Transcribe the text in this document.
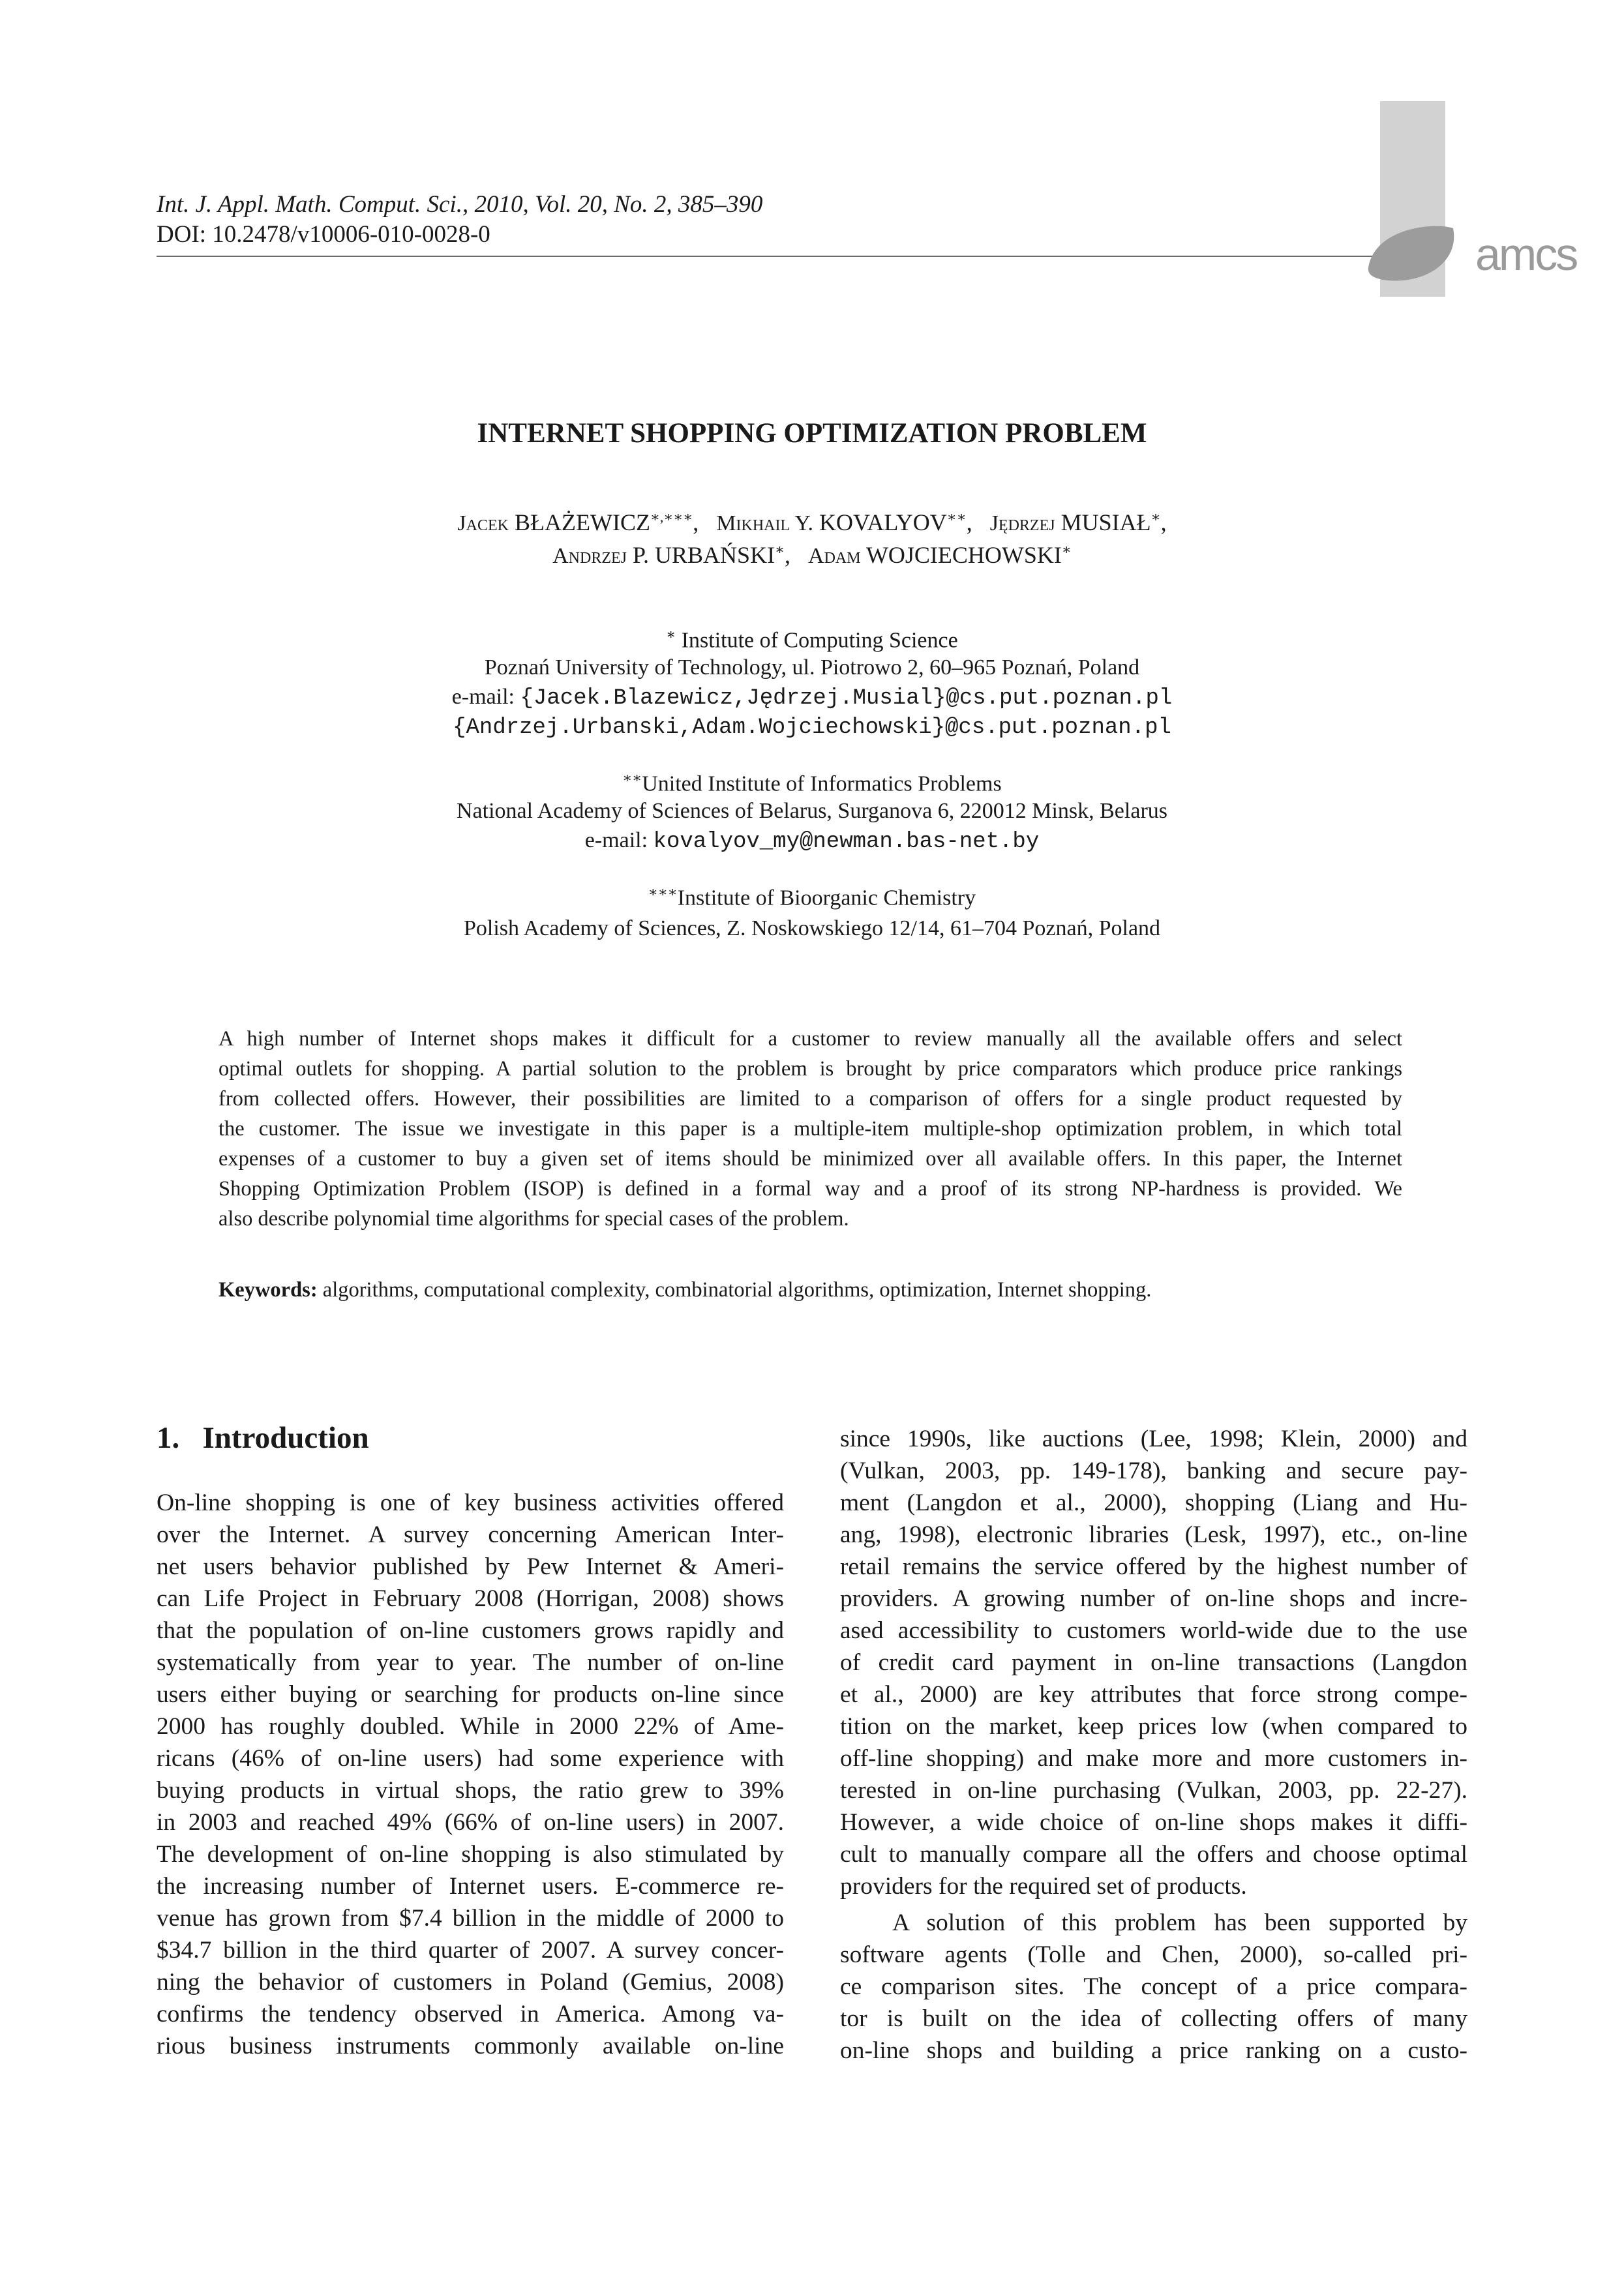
Int. J. Appl. Math. Comput. Sci., 2010, Vol. 20, No. 2, 385–390
DOI: 10.2478/v10006-010-0028-0	amcs
INTERNET SHOPPING OPTIMIZATION PROBLEM
Jacek BŁAŻEWICZ∗,∗∗∗,   Mikhail Y. KOVALYOV∗∗,   Jędrzej MUSIAŁ∗,
Andrzej P. URBAŃSKI∗,   Adam WOJCIECHOWSKI∗
∗ Institute of Computing Science
Poznań University of Technology, ul. Piotrowo 2, 60–965 Poznań, Poland
e-mail: {Jacek.Blazewicz,Jędrzej.Musial}@cs.put.poznan.pl
{Andrzej.Urbanski,Adam.Wojciechowski}@cs.put.poznan.pl
∗∗United Institute of Informatics Problems
National Academy of Sciences of Belarus, Surganova 6, 220012 Minsk, Belarus
e-mail: kovalyov_my@newman.bas-net.by
∗∗∗Institute of Bioorganic Chemistry
Polish Academy of Sciences, Z. Noskowskiego 12/14, 61–704 Poznań, Poland
A high number of Internet shops makes it difficult for a customer to review manually all the available offers and select
optimal outlets for shopping. A partial solution to the problem is brought by price comparators which produce price rankings
from collected offers. However, their possibilities are limited to a comparison of offers for a single product requested by
the customer. The issue we investigate in this paper is a multiple-item multiple-shop optimization problem, in which total
expenses of a customer to buy a given set of items should be minimized over all available offers. In this paper, the Internet
Shopping Optimization Problem (ISOP) is defined in a formal way and a proof of its strong NP-hardness is provided. We
also describe polynomial time algorithms for special cases of the problem.
Keywords: algorithms, computational complexity, combinatorial algorithms, optimization, Internet shopping.
1. Introduction
On-line shopping is one of key business activities offered
over the Internet. A survey concerning American Inter-
net users behavior published by Pew Internet & Ameri-
can Life Project in February 2008 (Horrigan, 2008) shows
that the population of on-line customers grows rapidly and
systematically from year to year. The number of on-line
users either buying or searching for products on-line since
2000 has roughly doubled. While in 2000 22% of Ame-
ricans (46% of on-line users) had some experience with
buying products in virtual shops, the ratio grew to 39%
in 2003 and reached 49% (66% of on-line users) in 2007.
The development of on-line shopping is also stimulated by
the increasing number of Internet users. E-commerce re-
venue has grown from $7.4 billion in the middle of 2000 to
$34.7 billion in the third quarter of 2007. A survey concer-
ning the behavior of customers in Poland (Gemius, 2008)
confirms the tendency observed in America. Among va-
rious business instruments commonly available on-line
since 1990s, like auctions (Lee, 1998; Klein, 2000) and
(Vulkan, 2003, pp. 149-178), banking and secure pay-
ment (Langdon et al., 2000), shopping (Liang and Hu-
ang, 1998), electronic libraries (Lesk, 1997), etc., on-line
retail remains the service offered by the highest number of
providers. A growing number of on-line shops and incre-
ased accessibility to customers world-wide due to the use
of credit card payment in on-line transactions (Langdon
et al., 2000) are key attributes that force strong compe-
tition on the market, keep prices low (when compared to
off-line shopping) and make more and more customers in-
terested in on-line purchasing (Vulkan, 2003, pp. 22-27).
However, a wide choice of on-line shops makes it diffi-
cult to manually compare all the offers and choose optimal
providers for the required set of products.
A solution of this problem has been supported by
software agents (Tolle and Chen, 2000), so-called pri-
ce comparison sites. The concept of a price compara-
tor is built on the idea of collecting offers of many
on-line shops and building a price ranking on a custo-
